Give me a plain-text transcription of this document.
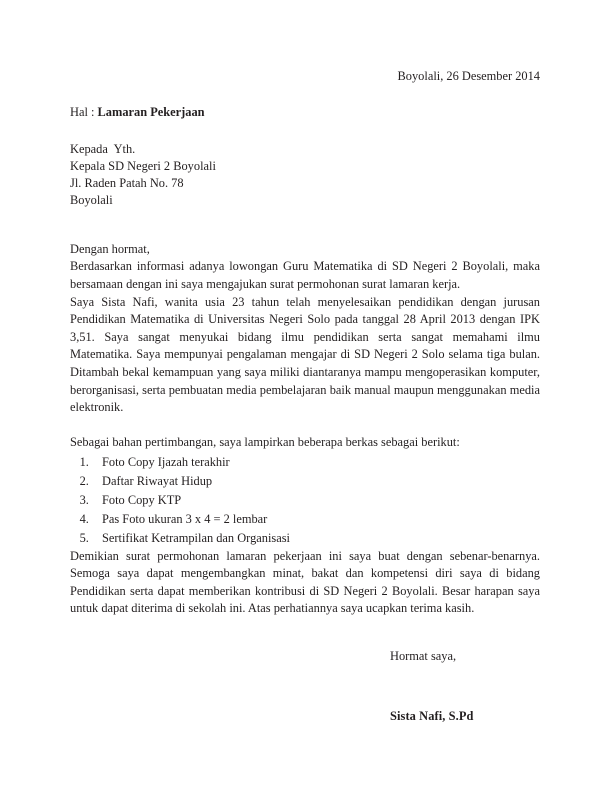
Boyolali, 26 Desember 2014
Hal : Lamaran Pekerjaan
Kepada  Yth.
Kepala SD Negeri 2 Boyolali
Jl. Raden Patah No. 78
Boyolali
Dengan hormat,

Berdasarkan informasi adanya lowongan Guru Matematika di SD Negeri 2 Boyolali, maka bersamaan dengan ini saya mengajukan surat permohonan surat lamaran kerja.

Saya Sista Nafi, wanita usia 23 tahun telah menyelesaikan pendidikan dengan jurusan Pendidikan Matematika di Universitas Negeri Solo pada tanggal 28 April 2013 dengan IPK 3,51. Saya sangat menyukai bidang ilmu pendidikan serta sangat memahami ilmu Matematika. Saya mempunyai pengalaman mengajar di SD Negeri 2 Solo selama tiga bulan. Ditambah bekal kemampuan yang saya miliki diantaranya mampu mengoperasikan komputer, berorganisasi, serta pembuatan media pembelajaran baik manual maupun menggunakan media elektronik.

Sebagai bahan pertimbangan, saya lampirkan beberapa berkas sebagai berikut:
1. Foto Copy Ijazah terakhir
2. Daftar Riwayat Hidup
3. Foto Copy KTP
4. Pas Foto ukuran 3 x 4 = 2 lembar
5. Sertifikat Ketrampilan dan Organisasi

Demikian surat permohonan lamaran pekerjaan ini saya buat dengan sebenar-benarnya. Semoga saya dapat mengembangkan minat, bakat dan kompetensi diri saya di bidang Pendidikan serta dapat memberikan kontribusi di SD Negeri 2 Boyolali. Besar harapan saya untuk dapat diterima di sekolah ini. Atas perhatiannya saya ucapkan terima kasih.

Hormat saya,
Sista Nafi, S.Pd
